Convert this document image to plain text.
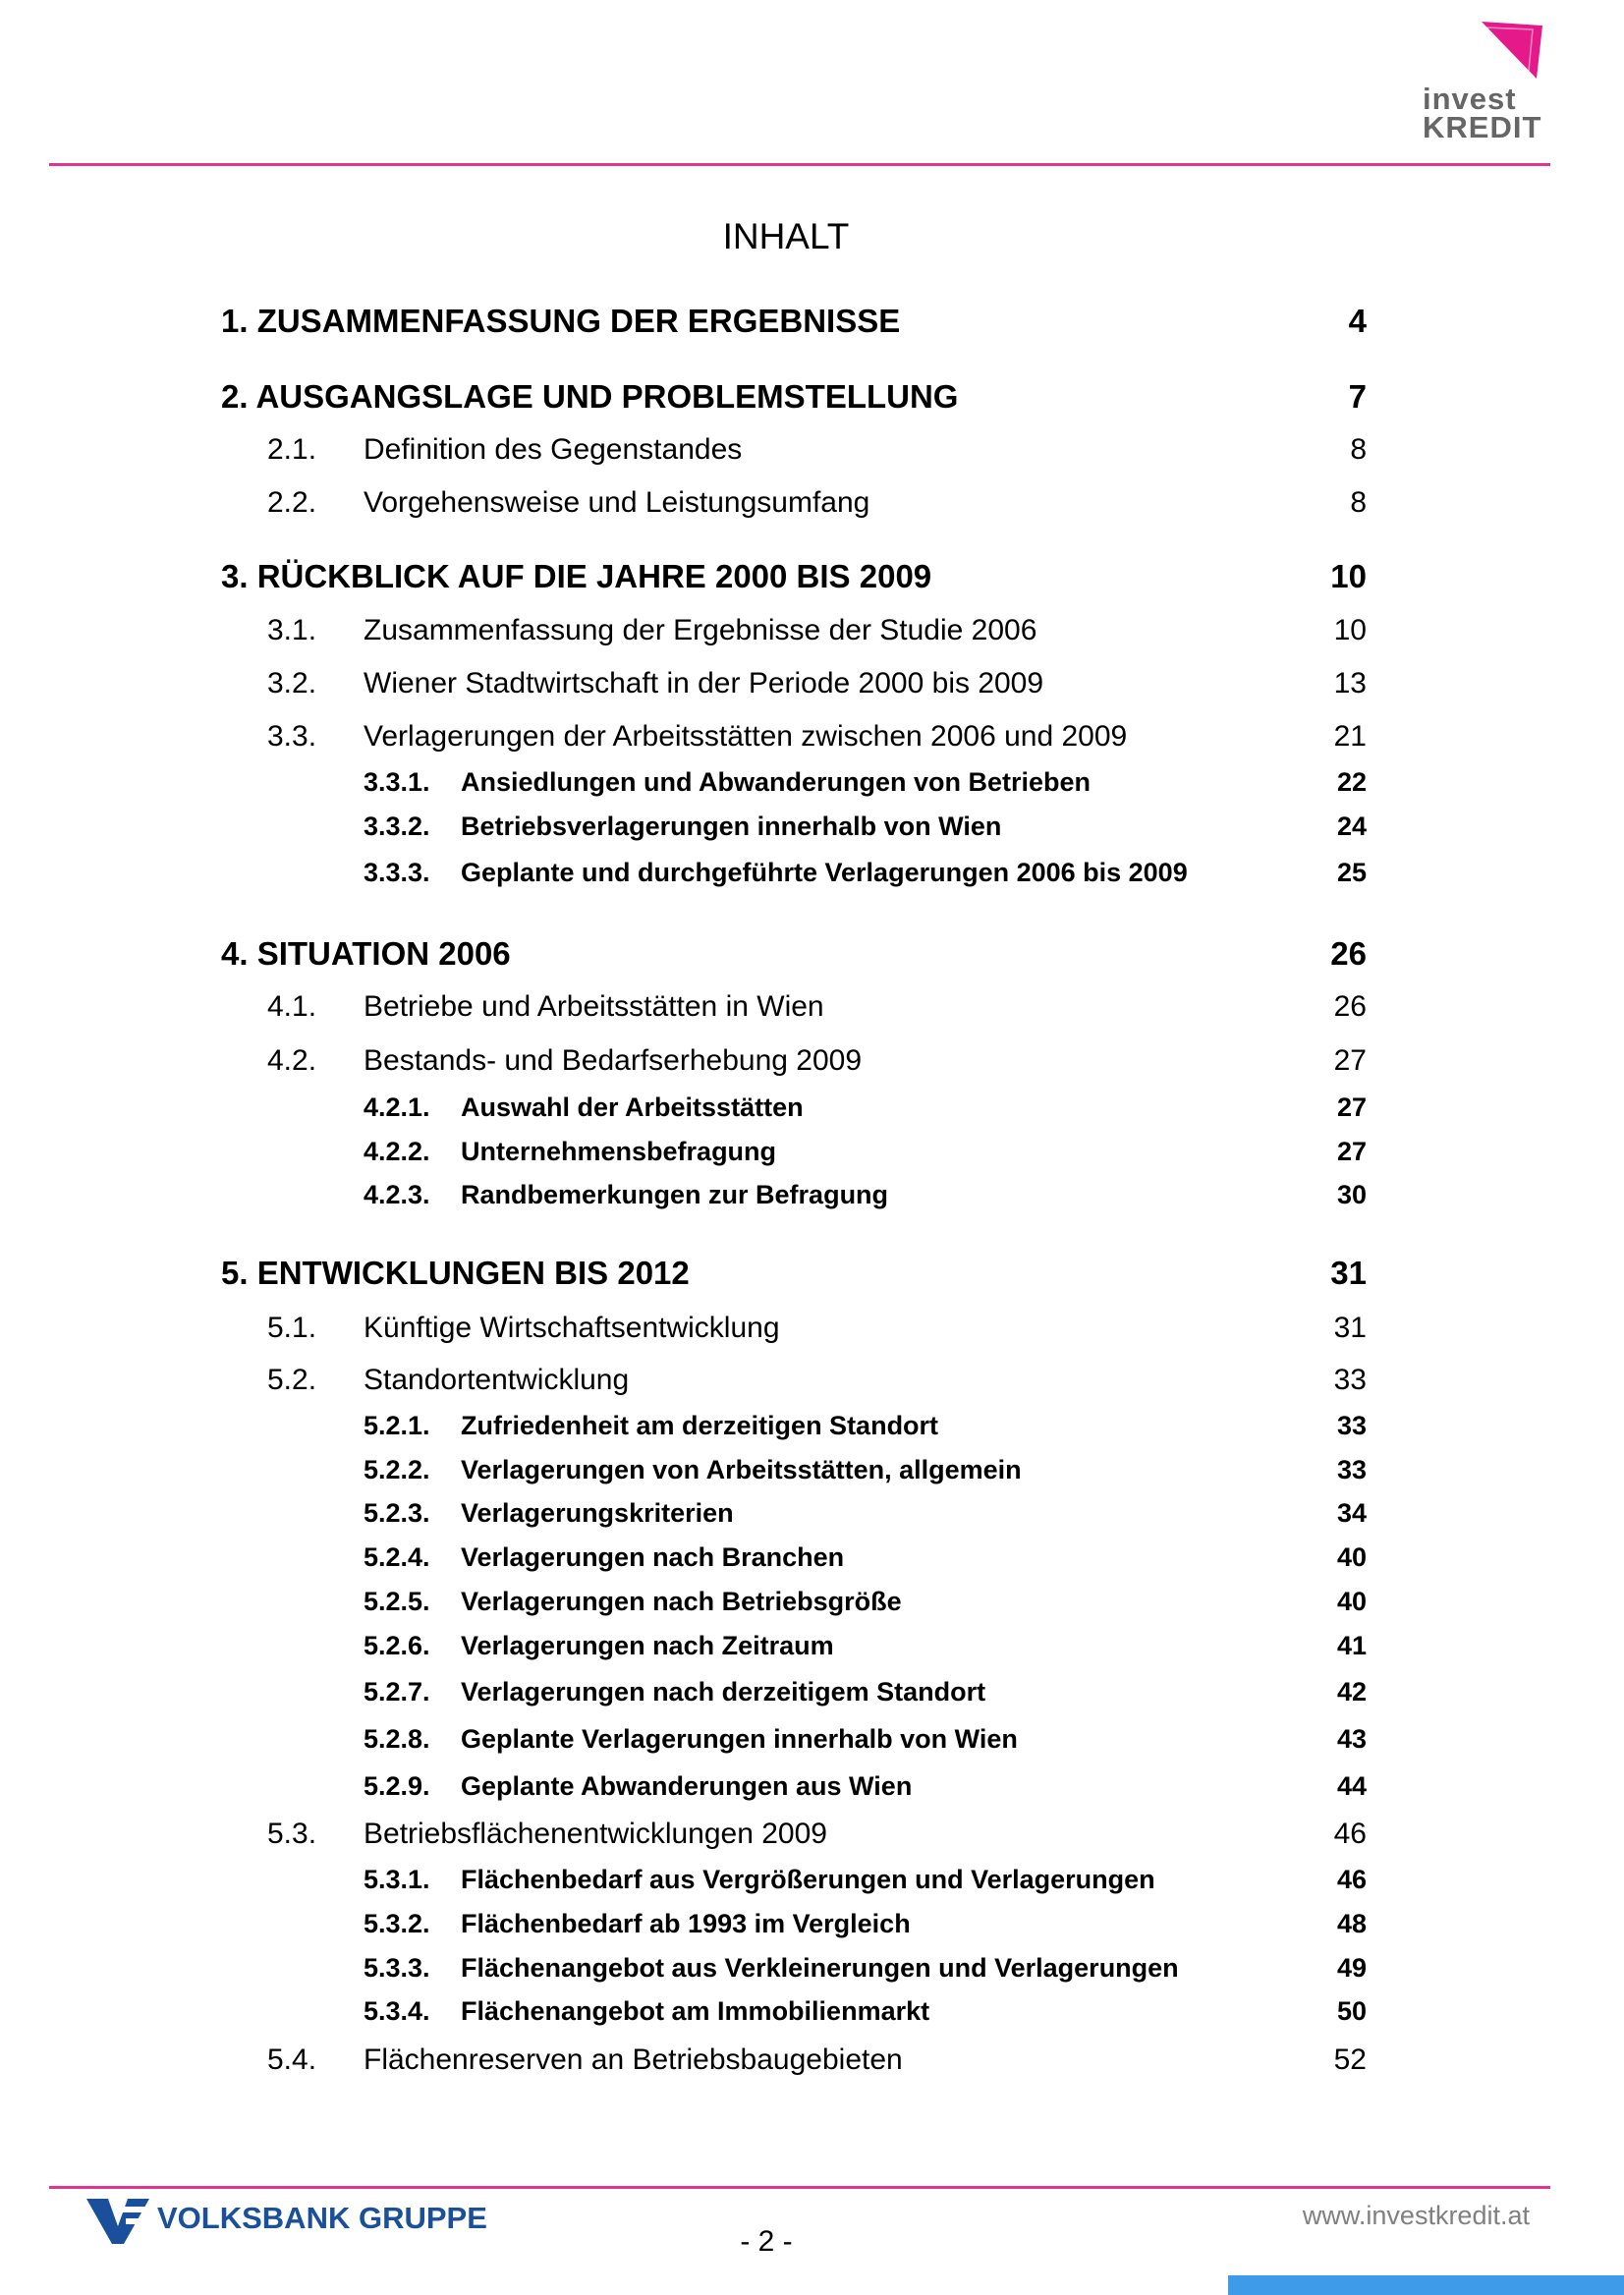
invest
KREDIT
INHALT
1. ZUSAMMENFASSUNG DER ERGEBNISSE	4
2. AUSGANGSLAGE UND PROBLEMSTELLUNG	7
2.1. Definition des Gegenstandes	8
2.2. Vorgehensweise und Leistungsumfang	8
3. RÜCKBLICK AUF DIE JAHRE 2000 BIS 2009	10
3.1. Zusammenfassung der Ergebnisse der Studie 2006	10
3.2. Wiener Stadtwirtschaft in der Periode 2000 bis 2009	13
3.3. Verlagerungen der Arbeitsstätten zwischen 2006 und 2009	21
3.3.1. Ansiedlungen und Abwanderungen von Betrieben	22
3.3.2. Betriebsverlagerungen innerhalb von Wien	24
3.3.3. Geplante und durchgeführte Verlagerungen 2006 bis 2009	25
4. SITUATION 2006	26
4.1. Betriebe und Arbeitsstätten in Wien	26
4.2. Bestands- und Bedarfserhebung 2009	27
4.2.1. Auswahl der Arbeitsstätten	27
4.2.2. Unternehmensbefragung	27
4.2.3. Randbemerkungen zur Befragung	30
5. ENTWICKLUNGEN BIS 2012	31
5.1. Künftige Wirtschaftsentwicklung	31
5.2. Standortentwicklung	33
5.2.1. Zufriedenheit am derzeitigen Standort	33
5.2.2. Verlagerungen von Arbeitsstätten, allgemein	33
5.2.3. Verlagerungskriterien	34
5.2.4. Verlagerungen nach Branchen	40
5.2.5. Verlagerungen nach Betriebsgröße	40
5.2.6. Verlagerungen nach Zeitraum	41
5.2.7. Verlagerungen nach derzeitigem Standort	42
5.2.8. Geplante Verlagerungen innerhalb von Wien	43
5.2.9. Geplante Abwanderungen aus Wien	44
5.3. Betriebsflächenentwicklungen 2009	46
5.3.1. Flächenbedarf aus Vergrößerungen und Verlagerungen	46
5.3.2. Flächenbedarf ab 1993 im Vergleich	48
5.3.3. Flächenangebot aus Verkleinerungen und Verlagerungen	49
5.3.4. Flächenangebot am Immobilienmarkt	50
5.4. Flächenreserven an Betriebsbaugebieten	52
VOLKSBANK GRUPPE	www.investkredit.at
- 2 -
